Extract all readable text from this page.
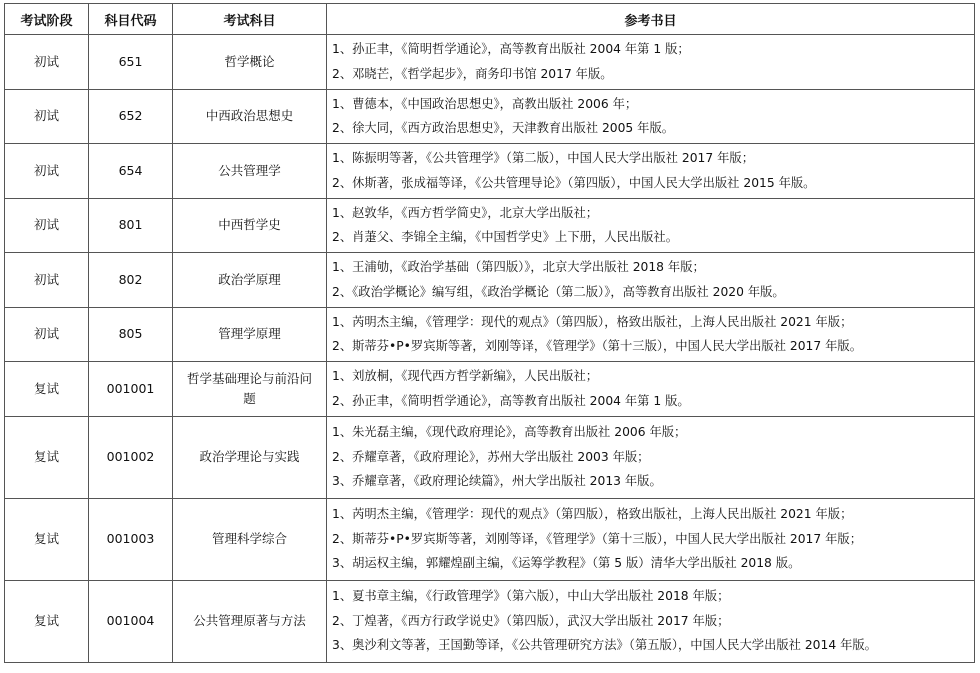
考试阶段	科目代码	考试科目	参考书目
初试	651	哲学概论	1、孙正聿，《简明哲学通论》，高等教育出版社 2004 年第 1 版；
2、邓晓芒，《哲学起步》，商务印书馆 2017 年版。

初试	652	中西政治思想史	1、曹德本，《中国政治思想史》，高教出版社 2006 年；
2、徐大同，《西方政治思想史》，天津教育出版社 2005 年版。

初试	654	公共管理学	1、陈振明等著，《公共管理学》（第二版），中国人民大学出版社 2017 年版；
2、休斯著，张成福等译，《公共管理导论》（第四版），中国人民大学出版社 2015 年版。

初试	801	中西哲学史	1、赵敦华，《西方哲学简史》，北京大学出版社；
2、肖萐父、李锦全主编，《中国哲学史》上下册，人民出版社。

初试	802	政治学原理	1、王浦劬，《政治学基础（第四版）》，北京大学出版社 2018 年版；
2、《政治学概论》编写组，《政治学概论（第二版）》，高等教育出版社 2020 年版。

初试	805	管理学原理	1、芮明杰主编，《管理学：现代的观点》（第四版），格致出版社，上海人民出版社 2021 年版；
2、斯蒂芬•P•罗宾斯等著，刘刚等译，《管理学》（第十三版），中国人民大学出版社 2017 年版。

复试	001001	哲学基础理论与前沿问题	1、刘放桐，《现代西方哲学新编》，人民出版社；
2、孙正聿，《简明哲学通论》，高等教育出版社 2004 年第 1 版。

复试	001002	政治学理论与实践	1、朱光磊主编，《现代政府理论》，高等教育出版社 2006 年版；
2、乔耀章著，《政府理论》，苏州大学出版社 2003 年版；
3、乔耀章著，《政府理论续篇》，州大学出版社 2013 年版。

复试	001003	管理科学综合	1、芮明杰主编，《管理学：现代的观点》（第四版），格致出版社，上海人民出版社 2021 年版；
2、斯蒂芬•P•罗宾斯等著，刘刚等译，《管理学》（第十三版），中国人民大学出版社 2017 年版；
3、胡运权主编，郭耀煌副主编，《运筹学教程》（第 5 版）清华大学出版社 2018 版。

复试	001004	公共管理原著与方法	1、夏书章主编，《行政管理学》（第六版），中山大学出版社 2018 年版；
2、丁煌著，《西方行政学说史》（第四版），武汉大学出版社 2017 年版；
3、奥沙利文等著，王国勤等译，《公共管理研究方法》（第五版），中国人民大学出版社 2014 年版。
